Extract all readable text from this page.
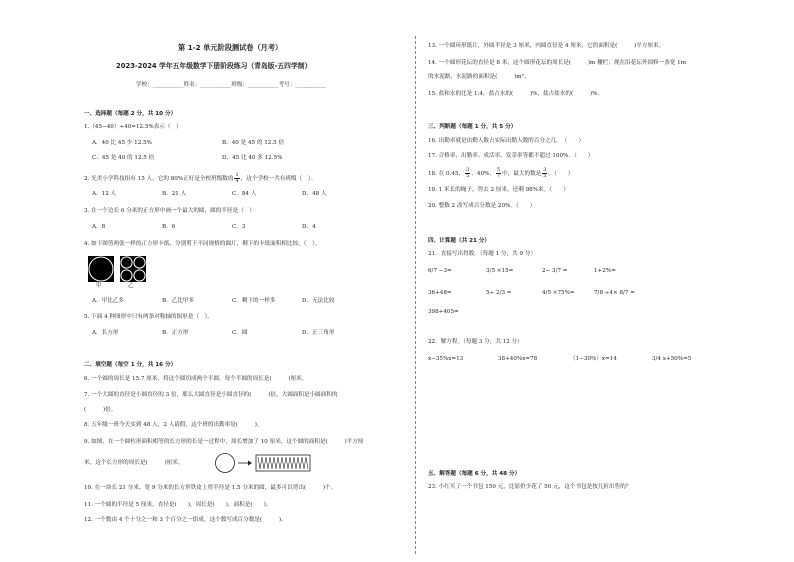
第 1-2 单元阶段测试卷（月考）
2023-2024 学年五年级数学下册阶段练习（青岛版-五四学制）
学校：___________姓名：___________班级：___________考号：___________
一、选择题（每题 2 分，共 10 分）
1.（45−40）÷40=12.5%表示（　）
A．40 比 45 少 12.5%	B．40 是 45 的 12.5 倍
C．45 是 40 的 12.5 倍	D．45 比 40 多 12.5%
2. 光美小学科技组有 15 人，它的 80%正好是全校班级数的 $\frac{1}{4}$ ，这个学校一共有班级（　）。
A．12 人	B．21 人	C．84 人	D．48 人
3. 在一个边长 6 分米的正方形中画一个最大的圆，圆的半径是（　）
A．8	B．6	C．3	D．4
4. 如下图剪两张一样的正方形卡纸，分别剪下不同规格的圆片，剩下的卡纸面积相比较，（　）。
甲	乙
A．甲比乙多	B．乙比甲多	C．剩下的一样多	D．无法比较
5. 下面 4 种图形中只有两条对称轴的图形是（　）。
A．长方形	B．正方形	C．圆	D．正三角形
二、填空题（每空 1 分，共 16 分）
6. 一个圆的周长是 15.7 厘米，将这个圆切成两个半圆，每个半圆的周长是(　　　)厘米。
7. 一个大圆的直径是小圆直径的 3 倍，那么大圆直径是小圆直径的(　　　)倍，大圆面积是小圆面积的
(　　　)倍。
8. 五年级一班今天实到 48 人，2 人请假，这个班的出勤率是(　　　)。
9. 如图，在一个圆柱形面积相等的长方形的长是一过程中，周长增加了 10 厘米，这个圆的面积是(　　　)平方厘
米，这个长方形的周长是(　　　)厘米。
10. 在一块长 21 分米、宽 9 分米的长方形铁皮上剪半径是 1.5 分米的圆，最多可以剪出(　　　)个。
11. 一个圆的半径是 5 厘米，直径是(　　)，周长是(　　)，面积是(　　)。
12. 一个数由 4 个十分之一和 3 个百分之一组成，这个数写成百分数是(　　　)。
13. 一个圆环形纸片，外圆半径是 3 厘米，内圆直径是 4 厘米，它的面积是(　　　)平方厘米。
14. 一个圆形花坛的直径是 8 米，这个圆形花坛的周长是(　　　)m 栅栏；现在沿花坛外围修一条宽 1m
的水泥路，水泥路的面积是(　　　)m²。
15. 盐和水的比是 1:4，盐占水的(　　　)%，盐占盐水的(　　　)%。
三、判断题（每题 1 分，共 5 分）
16. 出勤率就是出勤人数占实际出勤人数的百分之几．　（　　）
17. 合格率、出勤率、成活率、发芽率等都不超过 100%．（　　）
18. 在 0.45、 $\frac{3}{5}$ 、40%、 $\frac{5}{7}$ 中，最大的数是 $\frac{3}{5}$ 。（　　）
19. 1 米长的绳子，剪去 2 厘米，还剩 98%米。（　　）
20. 整数 2 改写成百分数是 20%。（　　）
四、计算题（共 21 分）
21．直接写出得数。（每题 1 分，共 9 分）
6/7 −3=	3/5 ×15=	2− 3/7 =	1+2%=
36+48=	5÷ 2/3 =	4/5 ×75%=	7/8 ÷4× 8/7 =
398+405=
22．解方程。（每题 3 分，共 12 分）
x−35%x=13	38+40%x=78	（1−30%）x=14	3/4 x+50%=5
五、解答题（每题 6 分，共 48 分）
23. 小红买了一个书包 150 元，比原价少花了 50 元，这个书包是按几折出售的？
